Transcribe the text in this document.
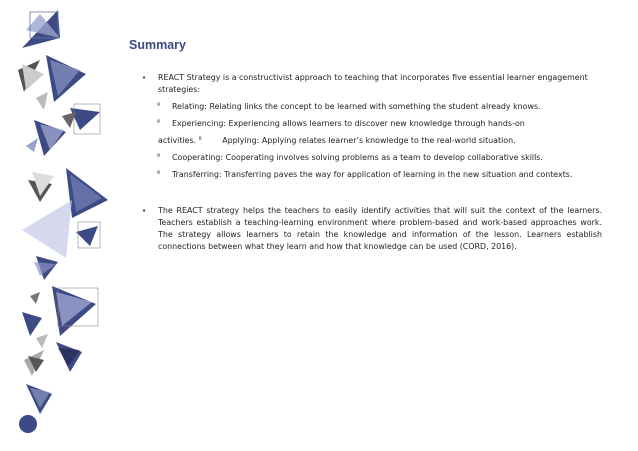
Summary
• REACT Strategy is a constructivist approach to teaching that incorporates five essential learner engagement strategies:
º Relating: Relating links the concept to be learned with something the student already knows.
º Experiencing: Experiencing allows learners to discover new knowledge through hands-on
activities. $^º$	Applying: Applying relates learner’s knowledge to the real-world situation.
º Cooperating: Cooperating involves solving problems as a team to develop collaborative skills.
º Transferring: Transferring paves the way for application of learning in the new situation and contexts.
• The REACT strategy helps the teachers to easily identify activities that will suit the context of the learners. Teachers establish a teaching-learning environment where problem-based and work-based approaches work. The strategy allows learners to retain the knowledge and information of the lesson. Learners establish connections between what they learn and how that knowledge can be used (CORD, 2016).
